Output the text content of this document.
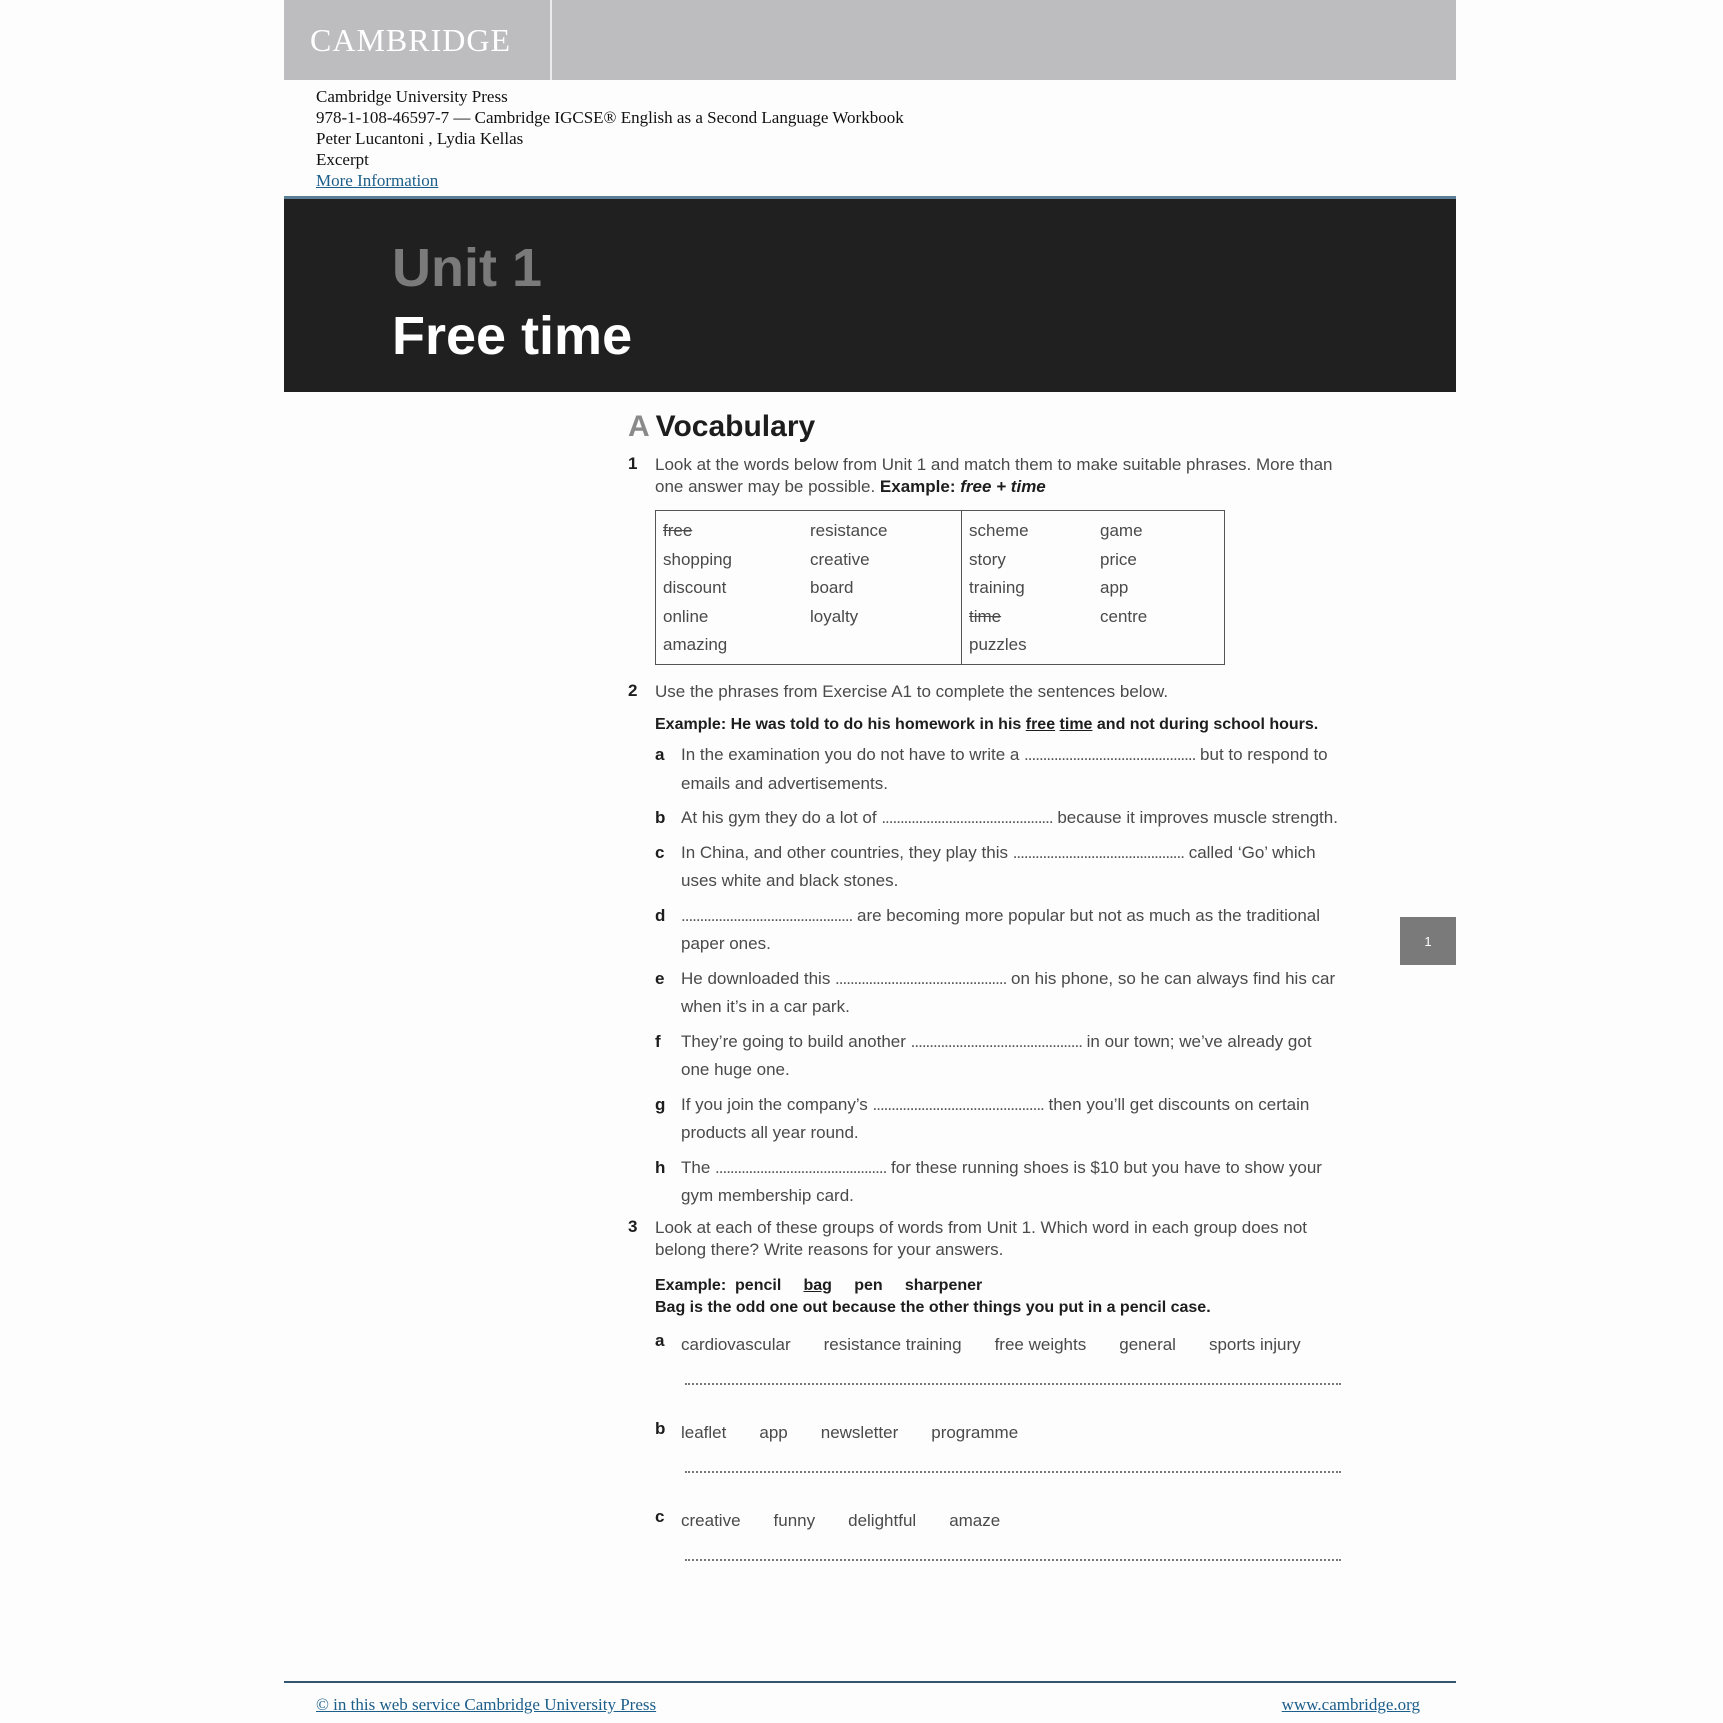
CAMBRIDGE
Cambridge University Press
978-1-108-46597-7 — Cambridge IGCSE® English as a Second Language Workbook
Peter Lucantoni , Lydia Kellas
Excerpt
More Information
Unit 1
Free time
A Vocabulary
1 Look at the words below from Unit 1 and match them to make suitable phrases. More than one answer may be possible. Example: free + time
free
shopping
discount
online
amazing
resistance
creative
board
loyalty
scheme
story
training
time
puzzles
game
price
app
centre
2 Use the phrases from Exercise A1 to complete the sentences below.
Example: He was told to do his homework in his free time and not during school hours.
a In the examination you do not have to write a .............................................. but to respond to
emails and advertisements.
b At his gym they do a lot of .............................................. because it improves muscle strength.
c In China, and other countries, they play this .............................................. called ‘Go’ which
uses white and black stones.
d .............................................. are becoming more popular but not as much as the traditional
paper ones.
e He downloaded this .............................................. on his phone, so he can always find his car
when it’s in a car park.
f They’re going to build another .............................................. in our town; we’ve already got
one huge one.
g If you join the company’s .............................................. then you’ll get discounts on certain
products all year round.
h The .............................................. for these running shoes is $10 but you have to show your
gym membership card.
3 Look at each of these groups of words from Unit 1. Which word in each group does not belong there? Write reasons for your answers.
Example: pencil bag pen sharpener
Bag is the odd one out because the other things you put in a pencil case.
a cardiovascular resistance training free weights general sports injury
b leaflet app newsletter programme
c creative funny delightful amaze
1
© in this web service Cambridge University Press	www.cambridge.org
